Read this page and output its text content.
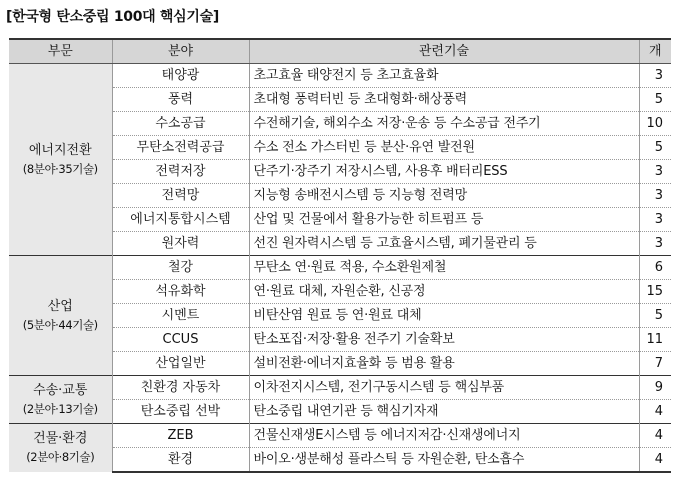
[한국형 탄소중립 100대 핵심기술]
부문	분야	관련기술	개

에너지전환
(8분야·35기술)	태양광	초고효율 태양전지 등 초고효율화	3
	풍력	초대형 풍력터빈 등 초대형화·해상풍력	5
	수소공급	수전해기술, 해외수소 저장·운송 등 수소공급 전주기	10
	무탄소전력공급	수소 전소 가스터빈 등 분산·유연 발전원	5
	전력저장	단주기·장주기 저장시스템, 사용후 배터리ESS	3
	전력망	지능형 송배전시스템 등 지능형 전력망	3
	에너지통합시스템	산업 및 건물에서 활용가능한 히트펌프 등	3
	원자력	선진 원자력시스템 등 고효율시스템, 폐기물관리 등	3

산업
(5분야·44기술)	철강	무탄소 연·원료 적용, 수소환원제철	6
	석유화학	연·원료 대체, 자원순환, 신공정	15
	시멘트	비탄산염 원료 등 연·원료 대체	5
	CCUS	탄소포집·저장·활용 전주기 기술확보	11
	산업일반	설비전환·에너지효율화 등 범용 활용	7

수송·교통
(2분야·13기술)	친환경 자동차	이차전지시스템, 전기구동시스템 등 핵심부품	9
	탄소중립 선박	탄소중립 내연기관 등 핵심기자재	4

건물·환경
(2분야·8기술)	ZEB	건물신재생E시스템 등 에너지저감·신재생에너지	4
	환경	바이오·생분해성 플라스틱 등 자원순환, 탄소흡수	4
